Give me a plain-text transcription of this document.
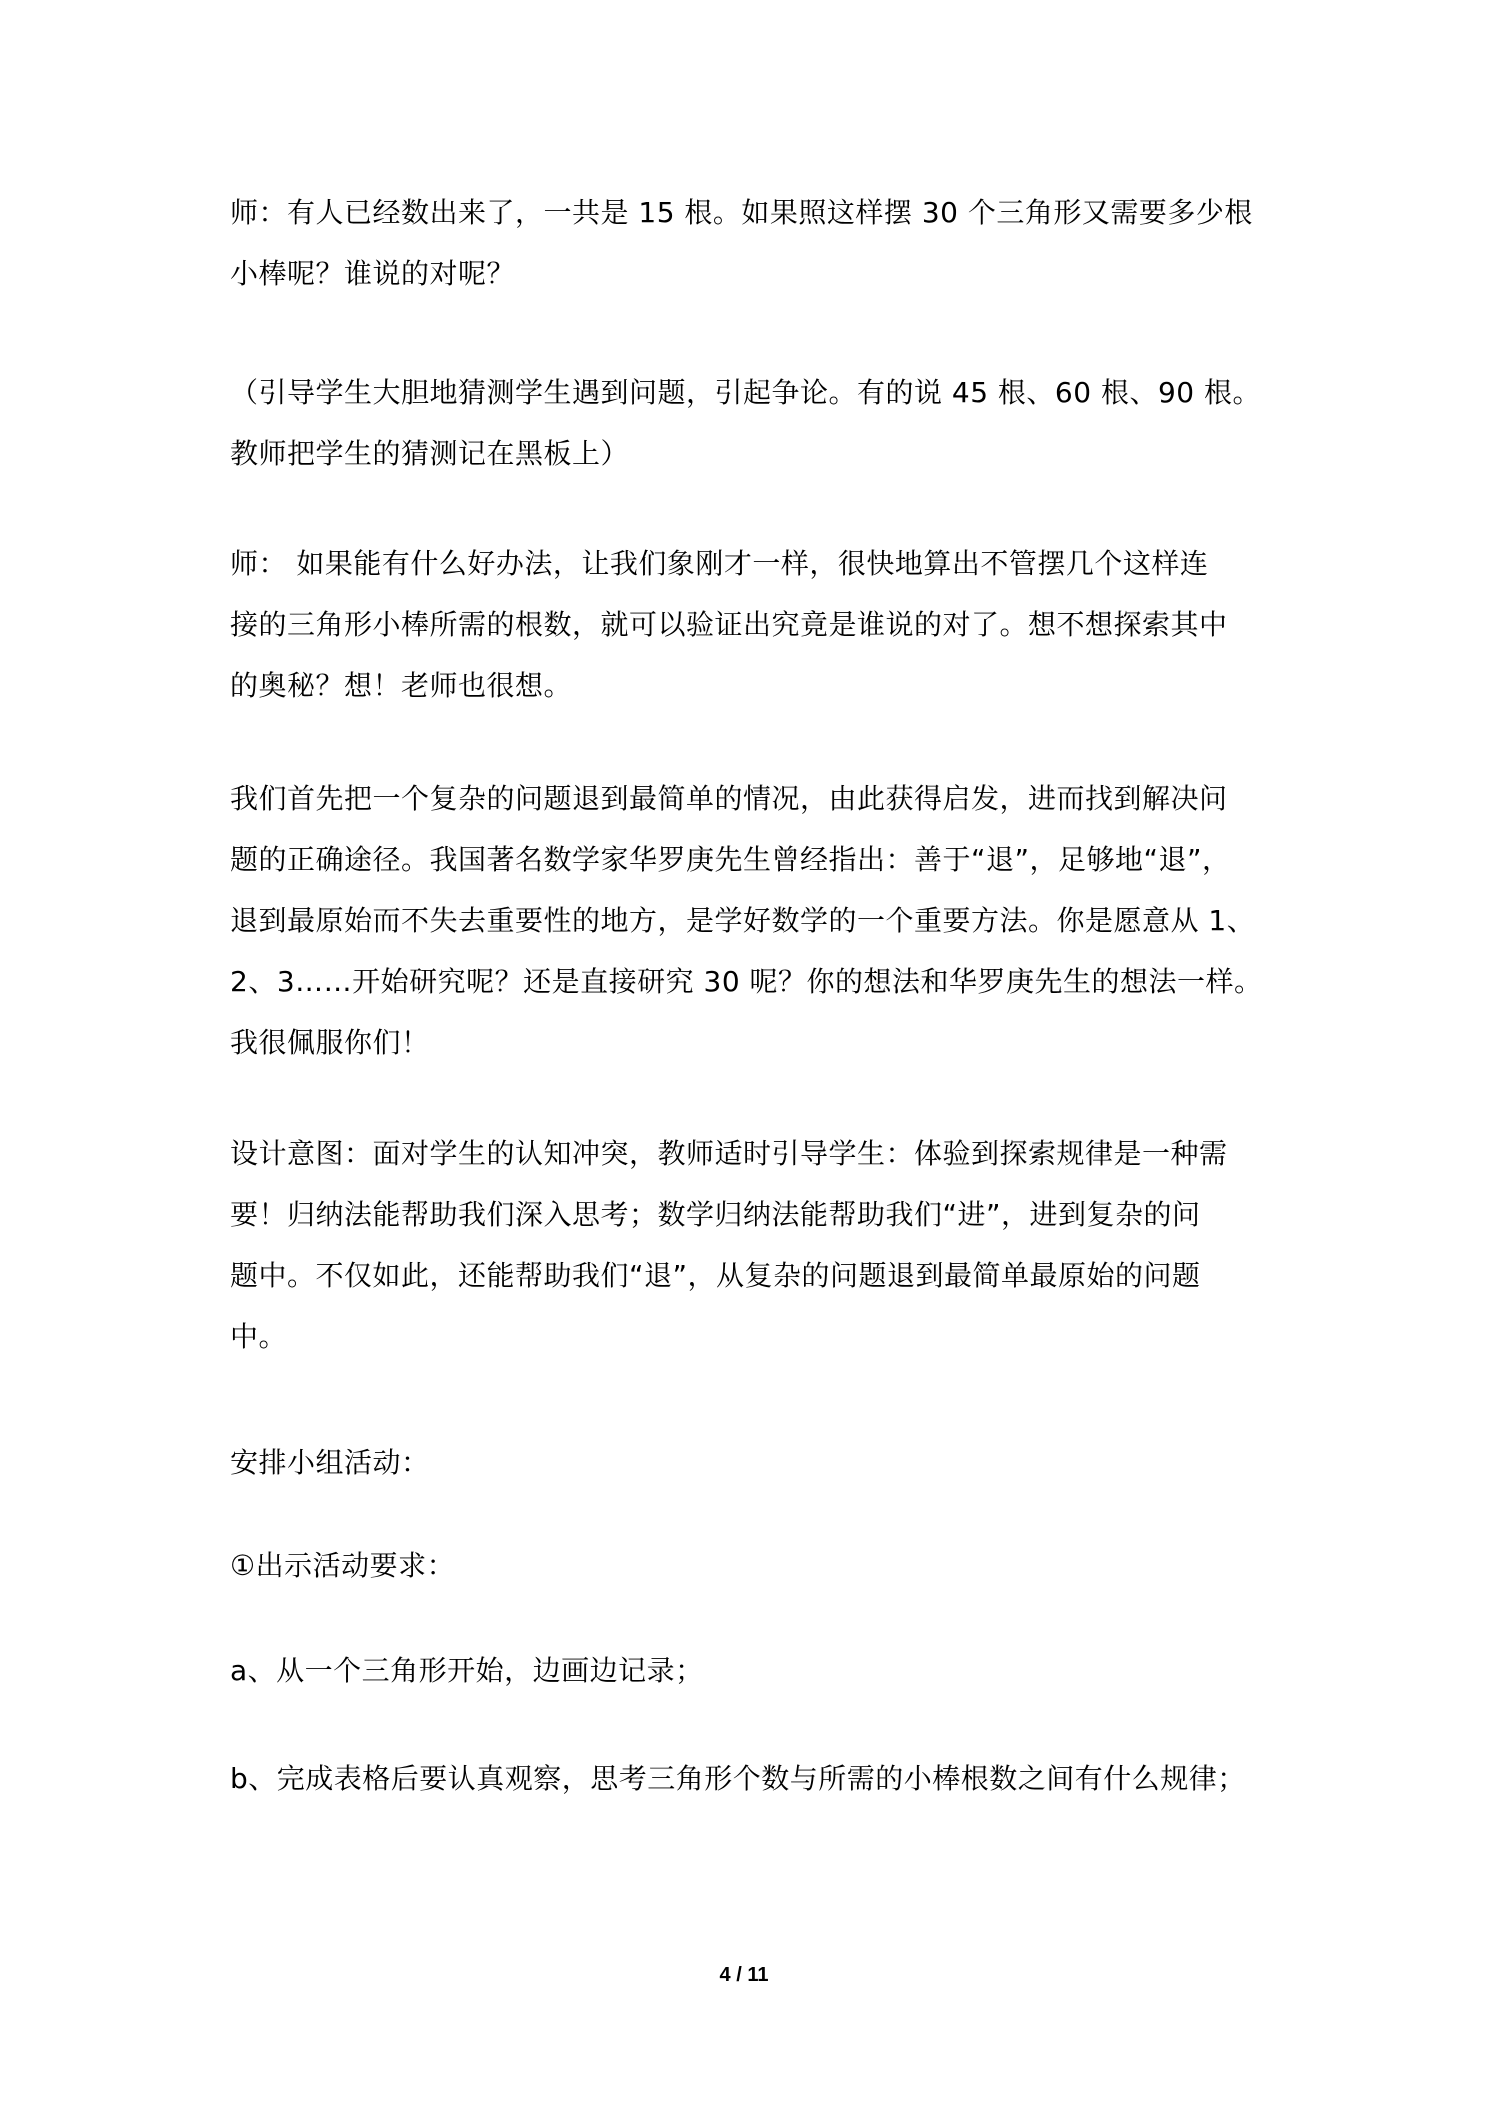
师：有人已经数出来了，一共是 15 根。如果照这样摆 30 个三角形又需要多少根
小棒呢？谁说的对呢？

（引导学生大胆地猜测学生遇到问题，引起争论。有的说 45 根、60 根、90 根。
教师把学生的猜测记在黑板上）

师： 如果能有什么好办法，让我们象刚才一样，很快地算出不管摆几个这样连
接的三角形小棒所需的根数，就可以验证出究竟是谁说的对了。想不想探索其中
的奥秘？想！老师也很想。

我们首先把一个复杂的问题退到最简单的情况，由此获得启发，进而找到解决问
题的正确途径。我国著名数学家华罗庚先生曾经指出：善于“退”，足够地“退”，
退到最原始而不失去重要性的地方，是学好数学的一个重要方法。你是愿意从 1、
2、3……开始研究呢？还是直接研究 30 呢？你的想法和华罗庚先生的想法一样。
我很佩服你们！

设计意图：面对学生的认知冲突，教师适时引导学生：体验到探索规律是一种需
要！归纳法能帮助我们深入思考；数学归纳法能帮助我们“进”，进到复杂的问
题中。不仅如此，还能帮助我们“退”，从复杂的问题退到最简单最原始的问题
中。

安排小组活动：

①出示活动要求：

a、从一个三角形开始，边画边记录；

b、完成表格后要认真观察，思考三角形个数与所需的小棒根数之间有什么规律；

4 / 11
